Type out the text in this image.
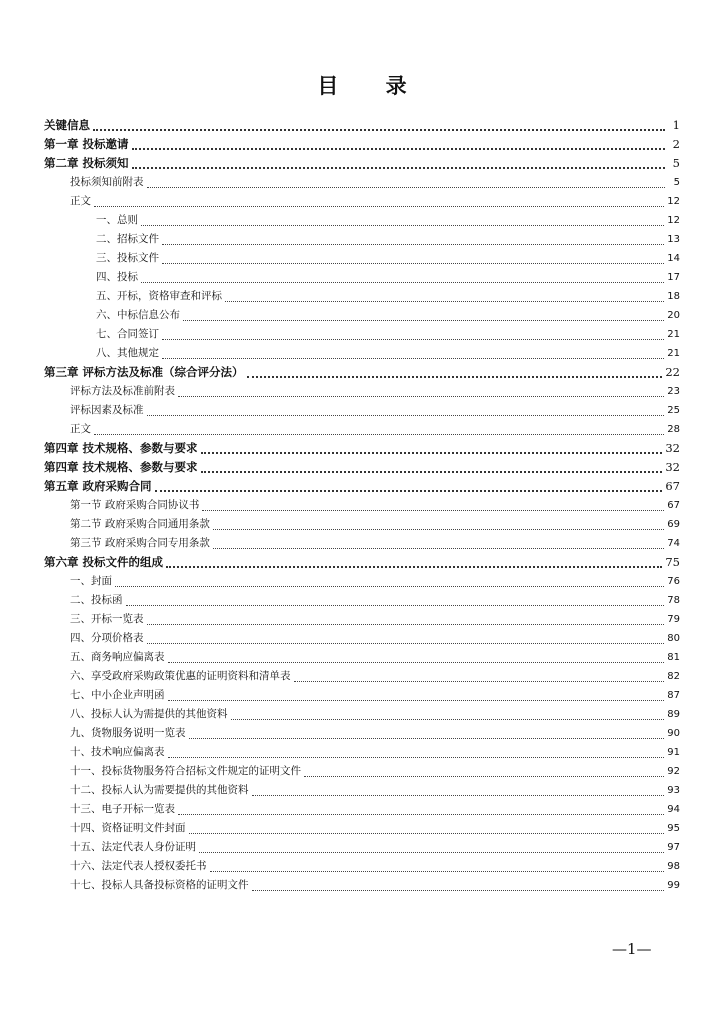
目 录
关键信息	1
第一章 投标邀请	2
第二章 投标须知	5
投标须知前附表	5
正文	12
一、总则	12
二、招标文件	13
三、投标文件	14
四、投标	17
五、开标，资格审查和评标	18
六、中标信息公布	20
七、合同签订	21
八、其他规定	21
第三章 评标方法及标准（综合评分法）	22
评标方法及标准前附表	23
评标因素及标准	25
正文	28
第四章 技术规格、参数与要求	32
第四章 技术规格、参数与要求	32
第五章 政府采购合同	67
第一节 政府采购合同协议书	67
第二节 政府采购合同通用条款	69
第三节 政府采购合同专用条款	74
第六章 投标文件的组成	75
一、封面	76
二、投标函	78
三、开标一览表	79
四、分项价格表	80
五、商务响应偏离表	81
六、享受政府采购政策优惠的证明资料和清单表	82
七、中小企业声明函	87
八、投标人认为需提供的其他资料	89
九、货物服务说明一览表	90
十、技术响应偏离表	91
十一、投标货物服务符合招标文件规定的证明文件	92
十二、投标人认为需要提供的其他资料	93
十三、电子开标一览表	94
十四、资格证明文件封面	95
十五、法定代表人身份证明	97
十六、法定代表人授权委托书	98
十七、投标人具备投标资格的证明文件	99
—1—
